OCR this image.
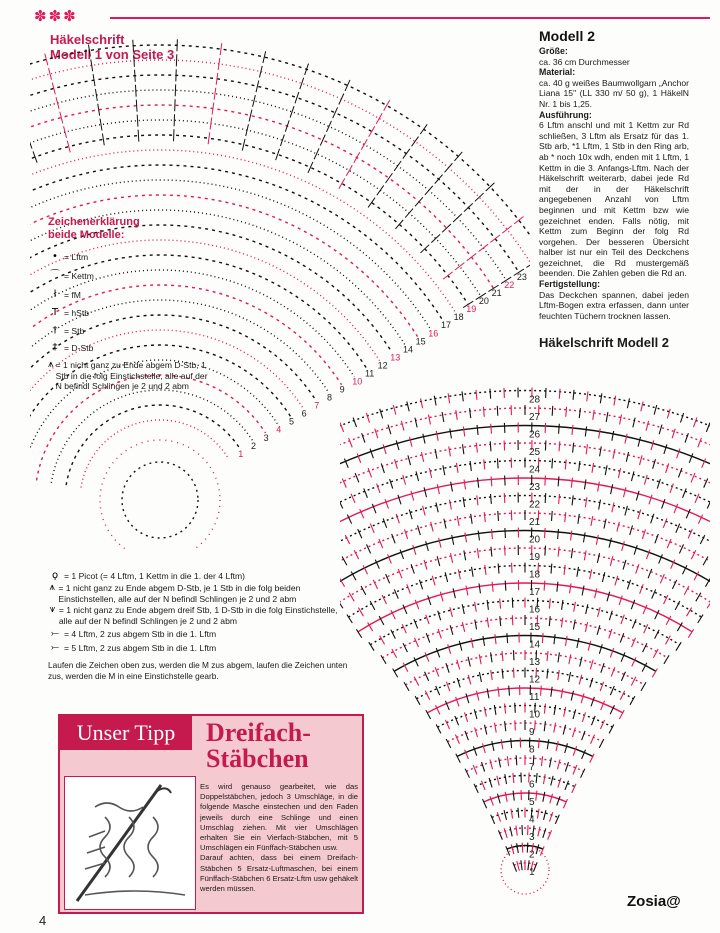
✽✽✽
Häkelschrift
Modell 1 von Seite 3
1
2
3
4
5
6
7
8
9
10
11
12
13
14
15
16
17
18
19
20
21
22
23
Zeichenerklärung beide Modelle:
• = Lftm
⌒ = Kettm
ł = fM
T = hStb
† = Stb
‡ = D-Stb
⩚ = 1 nicht ganz zu Ende abgem D-Stb, 1 Stb in die folg Einstichstelle, alle auf der N befindl Schlingen je 2 und 2 abm
ϙ = 1 Picot (= 4 Lftm, 1 Kettm in die 1. der 4 Lftm)
⩚ = 1 nicht ganz zu Ende abgem D-Stb, je 1 Stb in die folg beiden Einstichstellen, alle auf der N befindl Schlingen je 2 und 2 abm
⩛ = 1 nicht ganz zu Ende abgem dreif Stb, 1 D-Stb in die folg Einstichstelle, alle auf der N befindl Schlingen je 2 und 2 abm
⤚ = 4 Lftm, 2 zus abgem Stb in die 1. Lftm
⤚ = 5 Lftm, 2 zus abgem Stb in die 1. Lftm
Laufen die Zeichen oben zus, werden die M zus abgem, laufen die Zeichen unten zus, werden die M in eine Einstichstelle gearb.
Modell 2
Größe:
ca. 36 cm Durchmesser
Material:
ca. 40 g weißes Baumwollgarn „Anchor Liana 15" (LL 330 m/ 50 g), 1 HäkelN Nr. 1 bis 1,25.
Ausführung:
6 Lftm anschl und mit 1 Kettm zur Rd schließen, 3 Lftm als Ersatz für das 1. Stb arb, *1 Lftm, 1 Stb in den Ring arb, ab * noch 10x wdh, enden mit 1 Lftm, 1 Kettm in die 3. Anfangs-Lftm. Nach der Häkelschrift weiterarb, dabei jede Rd mit der in der Häkelschrift angegebenen Anzahl von Lftm beginnen und mit Kettm bzw wie gezeichnet enden. Falls nötig, mit Kettm zum Beginn der folg Rd vorgehen. Der besseren Übersicht halber ist nur ein Teil des Deckchens gezeichnet, die Rd mustergemäß beenden. Die Zahlen geben die Rd an.
Fertigstellung:
Das Deckchen spannen, dabei jeden Lftm-Bogen extra erfassen, dann unter feuchten Tüchern trocknen lassen.
Häkelschrift Modell 2
1
2
3
4
5
6
7
8
9
10
11
12
13
14
15
16
17
18
19
20
21
22
23
24
25
26
27
28
Unser Tipp	Dreifach-Stäbchen
Es wird genauso gearbeitet, wie das Doppelstäbchen, jedoch 3 Umschläge, in die folgende Masche einstechen und den Faden jeweils durch eine Schlinge und einen Umschlag ziehen. Mit vier Umschlägen erhalten Sie ein Vierfach-Stäbchen, mit 5 Umschlägen ein Fünffach-Stäbchen usw.
Darauf achten, dass bei einem Dreifach-Stäbchen 5 Ersatz-Luftmaschen, bei einem Fünffach-Stäbchen 6 Ersatz-Lftm usw gehäkelt werden müssen.
4
Zosia@
